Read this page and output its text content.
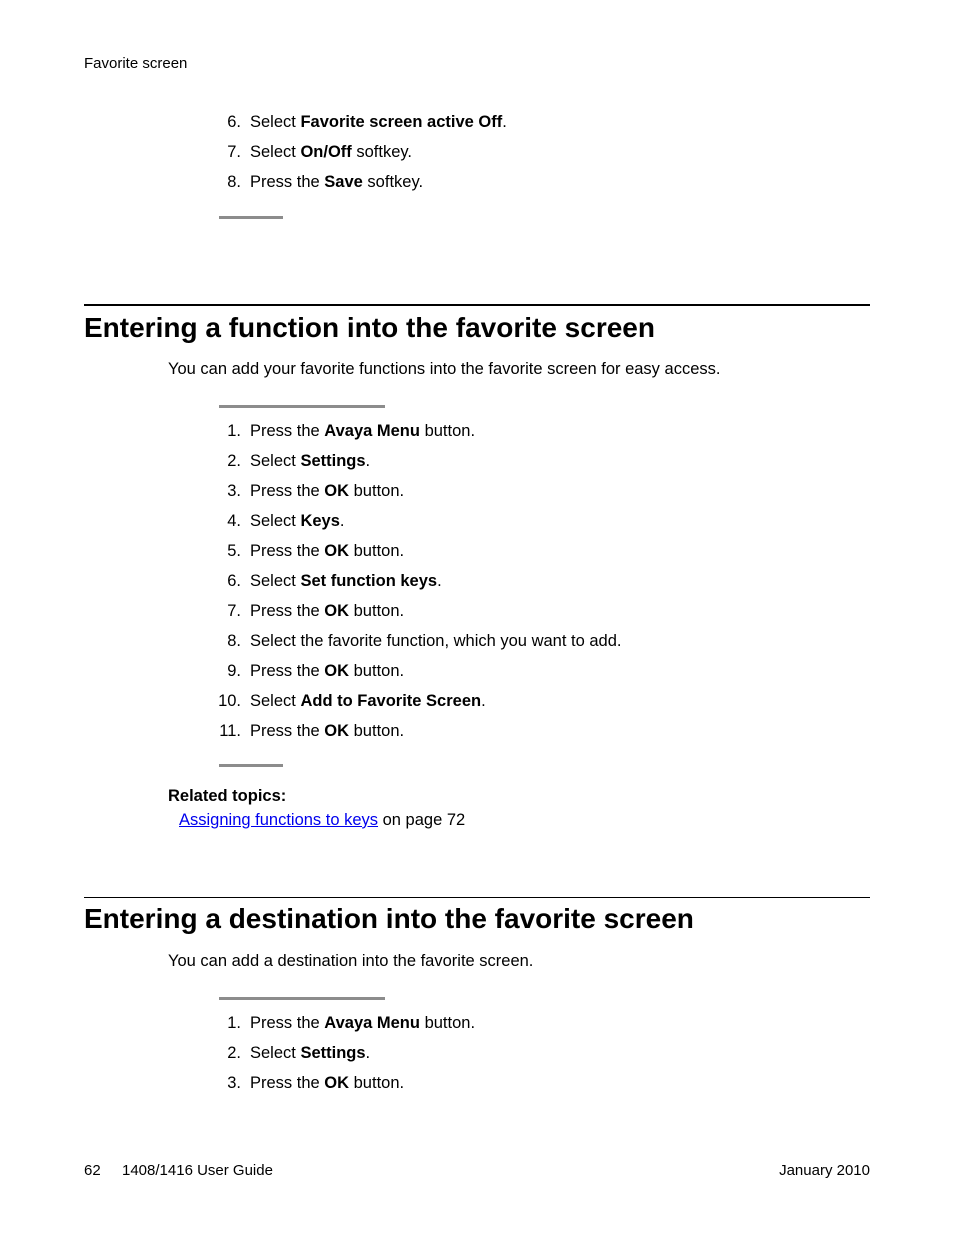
Favorite screen
6. Select Favorite screen active Off.
7. Select On/Off softkey.
8. Press the Save softkey.
Entering a function into the favorite screen
You can add your favorite functions into the favorite screen for easy access.
1. Press the Avaya Menu button.
2. Select Settings.
3. Press the OK button.
4. Select Keys.
5. Press the OK button.
6. Select Set function keys.
7. Press the OK button.
8. Select the favorite function, which you want to add.
9. Press the OK button.
10. Select Add to Favorite Screen.
11. Press the OK button.
Related topics:
Assigning functions to keys on page 72
Entering a destination into the favorite screen
You can add a destination into the favorite screen.
1. Press the Avaya Menu button.
2. Select Settings.
3. Press the OK button.
62 1408/1416 User Guide	January 2010
